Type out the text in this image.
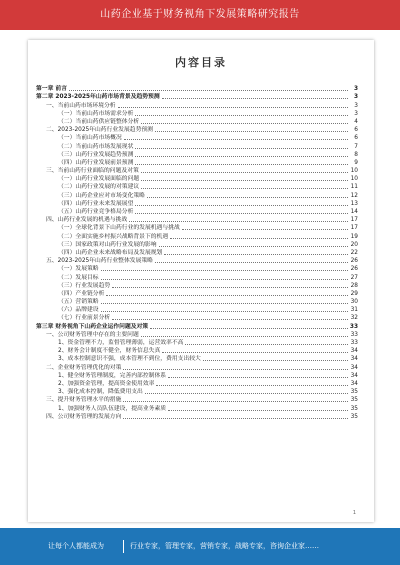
山药企业基于财务视角下发展策略研究报告
内容目录
第一章 前言	3
第二章 2023-2025年山药市场背景及趋势预测	3
一、当前山药市场环境分析	3
（一）当前山药市场需求分析	3
（二）当前山药供应链整体分析	4
二、2023-2025年山药行业发展趋势预测	6
（一）当前山药市场概况	6
（二）当前山药市场发展现状	7
（三）山药行业发展趋势预测	8
（四）山药行业发展前景预测	9
三、当前山药行业面临的问题及对策	10
（一）山药行业发展面临的问题	10
（二）山药行业发展的对策建议	11
（三）山药企业应对市场变化策略	12
（四）山药行业未来发展展望	13
（五）山药行业竞争格局分析	14
四、山药行业发展的机遇与挑战	17
（一）全球化背景下山药行业的发展机遇与挑战	17
（二）全面实施乡村振兴战略背景下的机遇	19
（三）国家政策对山药行业发展的影响	20
（四）山药企业未来战略布局及发展规划	22
五、2023-2025年山药行业整体发展策略	26
（一）发展策略	26
（二）发展目标	27
（三）行业发展趋势	28
（四）产业链分析	29
（五）营销策略	30
（六）品牌建设	31
（七）行业前景分析	32
第三章 财务视角下山药企业运作问题及对策	33
一、公司财务管理中存在的主要问题	33
1、资金管理不力，监督管理薄弱，运营效率不高	33
2、财务会计制度不健全，财务信息失真	34
3、成本控制意识不强，成本管理不到位，费用支出较大	34
二、企业财务管理优化的对策	34
1、健全财务管理制度，完善内部控制体系	34
2、加强资金管理，提高资金使用效率	34
3、强化成本控制，降低费用支出	35
三、提升财务管理水平的措施	35
1、加强财务人员队伍建设，提高业务素质	35
四、公司财务管理的发展方向	35
1
让每个人都能成为	行业专家，管理专家，营销专家，战略专家，咨询企业家……
